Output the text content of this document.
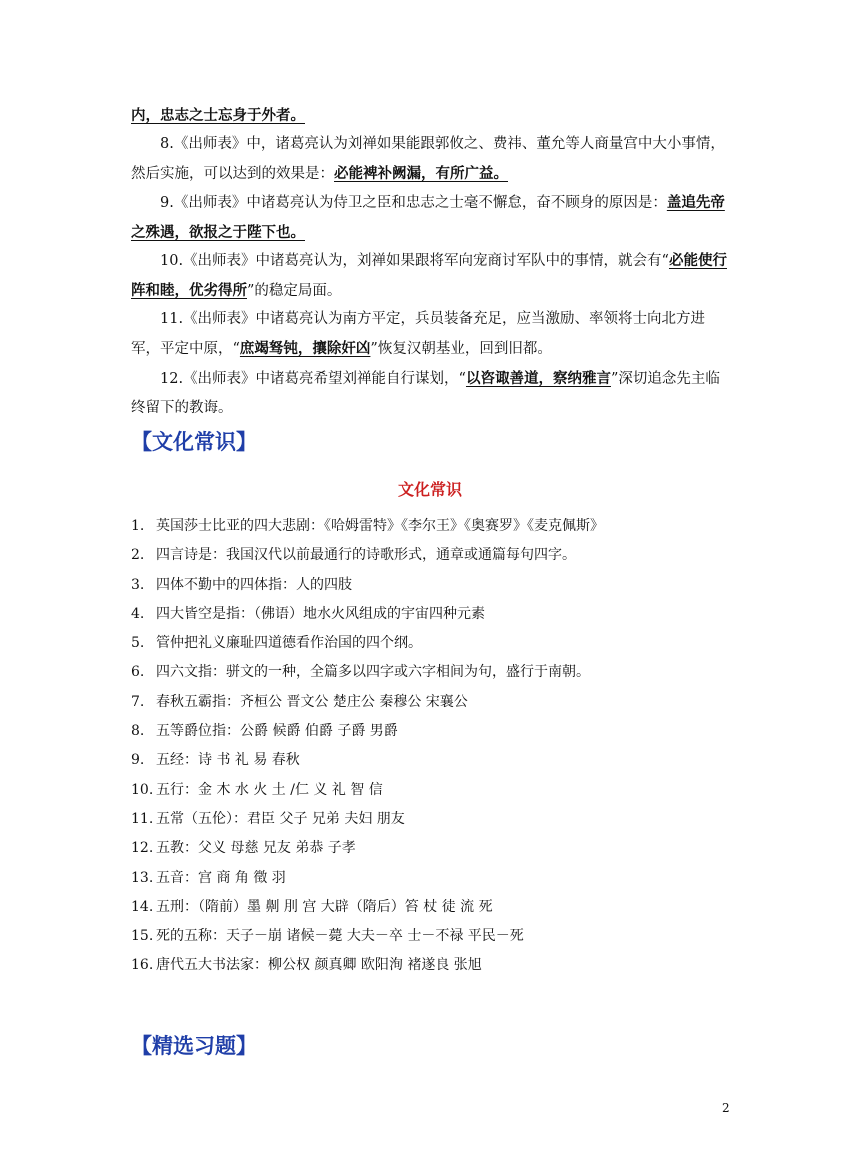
内，忠志之士忘身于外者。
8.《出师表》中，诸葛亮认为刘禅如果能跟郭攸之、费祎、董允等人商量宫中大小事情，然后实施，可以达到的效果是：必能裨补阙漏，有所广益。
9.《出师表》中诸葛亮认为侍卫之臣和忠志之士毫不懈怠，奋不顾身的原因是：盖追先帝之殊遇，欲报之于陛下也。
10.《出师表》中诸葛亮认为，刘禅如果跟将军向宠商讨军队中的事情，就会有“必能使行阵和睦，优劣得所”的稳定局面。
11.《出师表》中诸葛亮认为南方平定，兵员装备充足，应当激励、率领将士向北方进军，平定中原，“庶竭驽钝，攘除奸凶”恢复汉朝基业，回到旧都。
12.《出师表》中诸葛亮希望刘禅能自行谋划，“以咨诹善道，察纳雅言”深切追念先主临终留下的教诲。
【文化常识】
文化常识
1. 英国莎士比亚的四大悲剧：《哈姆雷特》《李尔王》《奥赛罗》《麦克佩斯》
2. 四言诗是：我国汉代以前最通行的诗歌形式，通章或通篇每句四字。
3. 四体不勤中的四体指：人的四肢
4. 四大皆空是指：（佛语）地水火风组成的宇宙四种元素
5. 管仲把礼义廉耻四道德看作治国的四个纲。
6. 四六文指：骈文的一种，全篇多以四字或六字相间为句，盛行于南朝。
7. 春秋五霸指：齐桓公 晋文公 楚庄公 秦穆公 宋襄公
8. 五等爵位指：公爵 候爵 伯爵 子爵 男爵
9. 五经：诗 书 礼 易 春秋
10. 五行：金 木 水 火 土 /仁 义 礼 智 信
11. 五常（五伦）：君臣 父子 兄弟 夫妇 朋友
12. 五教：父义 母慈 兄友 弟恭 子孝
13. 五音：宫 商 角 徵 羽
14. 五刑：（隋前）墨 劓 刖 宫 大辟（隋后）笞 杖 徒 流 死
15. 死的五称：天子－崩 诸候－薨 大夫－卒 士－不禄 平民－死
16. 唐代五大书法家：柳公权 颜真卿 欧阳洵 褚遂良 张旭
【精选习题】
2
